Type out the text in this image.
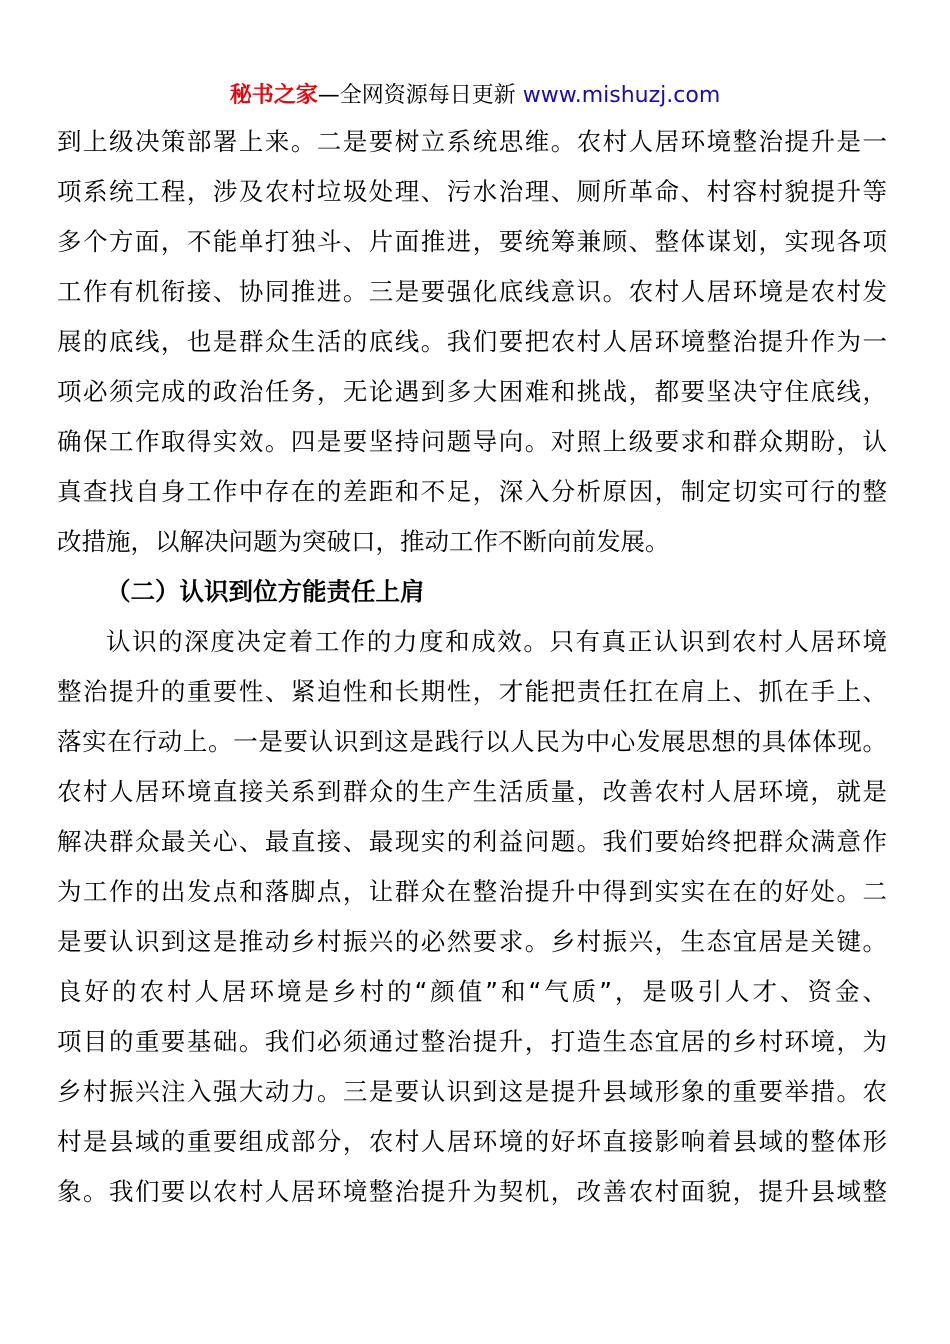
秘书之家—全网资源每日更新 www.mishuzj.com
到上级决策部署上来。二是要树立系统思维。农村人居环境整治提升是一
项系统工程，涉及农村垃圾处理、污水治理、厕所革命、村容村貌提升等
多个方面，不能单打独斗、片面推进，要统筹兼顾、整体谋划，实现各项
工作有机衔接、协同推进。三是要强化底线意识。农村人居环境是农村发
展的底线，也是群众生活的底线。我们要把农村人居环境整治提升作为一
项必须完成的政治任务，无论遇到多大困难和挑战，都要坚决守住底线，
确保工作取得实效。四是要坚持问题导向。对照上级要求和群众期盼，认
真查找自身工作中存在的差距和不足，深入分析原因，制定切实可行的整
改措施，以解决问题为突破口，推动工作不断向前发展。
（二）认识到位方能责任上肩
认识的深度决定着工作的力度和成效。只有真正认识到农村人居环境
整治提升的重要性、紧迫性和长期性，才能把责任扛在肩上、抓在手上、
落实在行动上。一是要认识到这是践行以人民为中心发展思想的具体体现。
农村人居环境直接关系到群众的生产生活质量，改善农村人居环境，就是
解决群众最关心、最直接、最现实的利益问题。我们要始终把群众满意作
为工作的出发点和落脚点，让群众在整治提升中得到实实在在的好处。二
是要认识到这是推动乡村振兴的必然要求。乡村振兴，生态宜居是关键。
良好的农村人居环境是乡村的“颜值”和“气质”，是吸引人才、资金、
项目的重要基础。我们必须通过整治提升，打造生态宜居的乡村环境，为
乡村振兴注入强大动力。三是要认识到这是提升县域形象的重要举措。农
村是县域的重要组成部分，农村人居环境的好坏直接影响着县域的整体形
象。我们要以农村人居环境整治提升为契机，改善农村面貌，提升县域整
